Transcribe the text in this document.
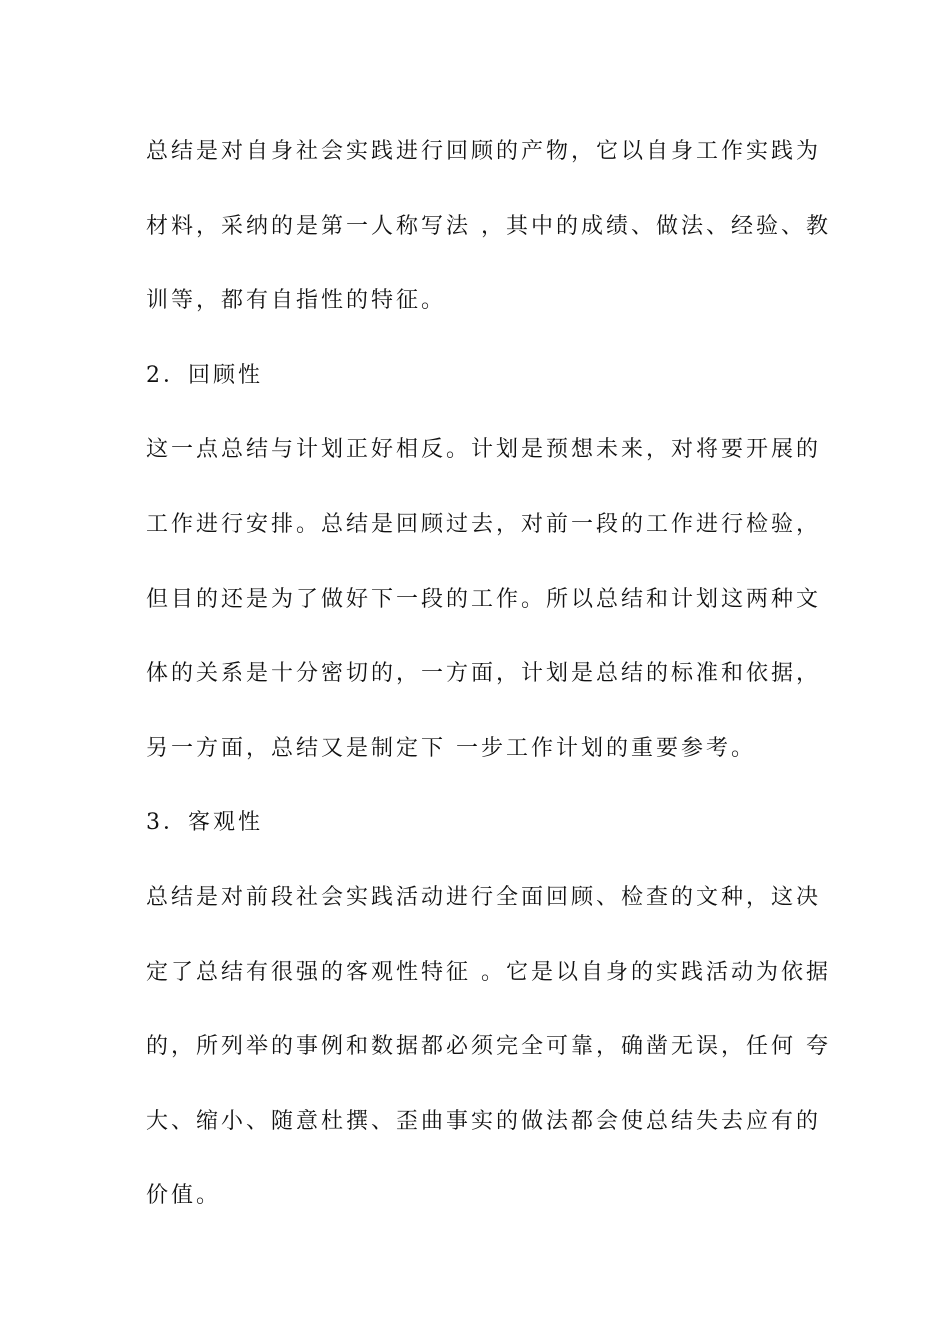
总结是对自身社会实践进行回顾的产物，它以自身工作实践为
材料，采纳的是第一人称写法 ，其中的成绩、做法、经验、教
训等，都有自指性的特征。
2．回顾性
这一点总结与计划正好相反。计划是预想未来，对将要开展的
工作进行安排。总结是回顾过去，对前一段的工作进行检验，
但目的还是为了做好下一段的工作。所以总结和计划这两种文
体的关系是十分密切的，一方面，计划是总结的标准和依据，
另一方面，总结又是制定下 一步工作计划的重要参考。
3．客观性
总结是对前段社会实践活动进行全面回顾、检查的文种，这决
定了总结有很强的客观性特征 。它是以自身的实践活动为依据
的，所列举的事例和数据都必须完全可靠，确凿无误，任何 夸
大、缩小、随意杜撰、歪曲事实的做法都会使总结失去应有的
价值。
